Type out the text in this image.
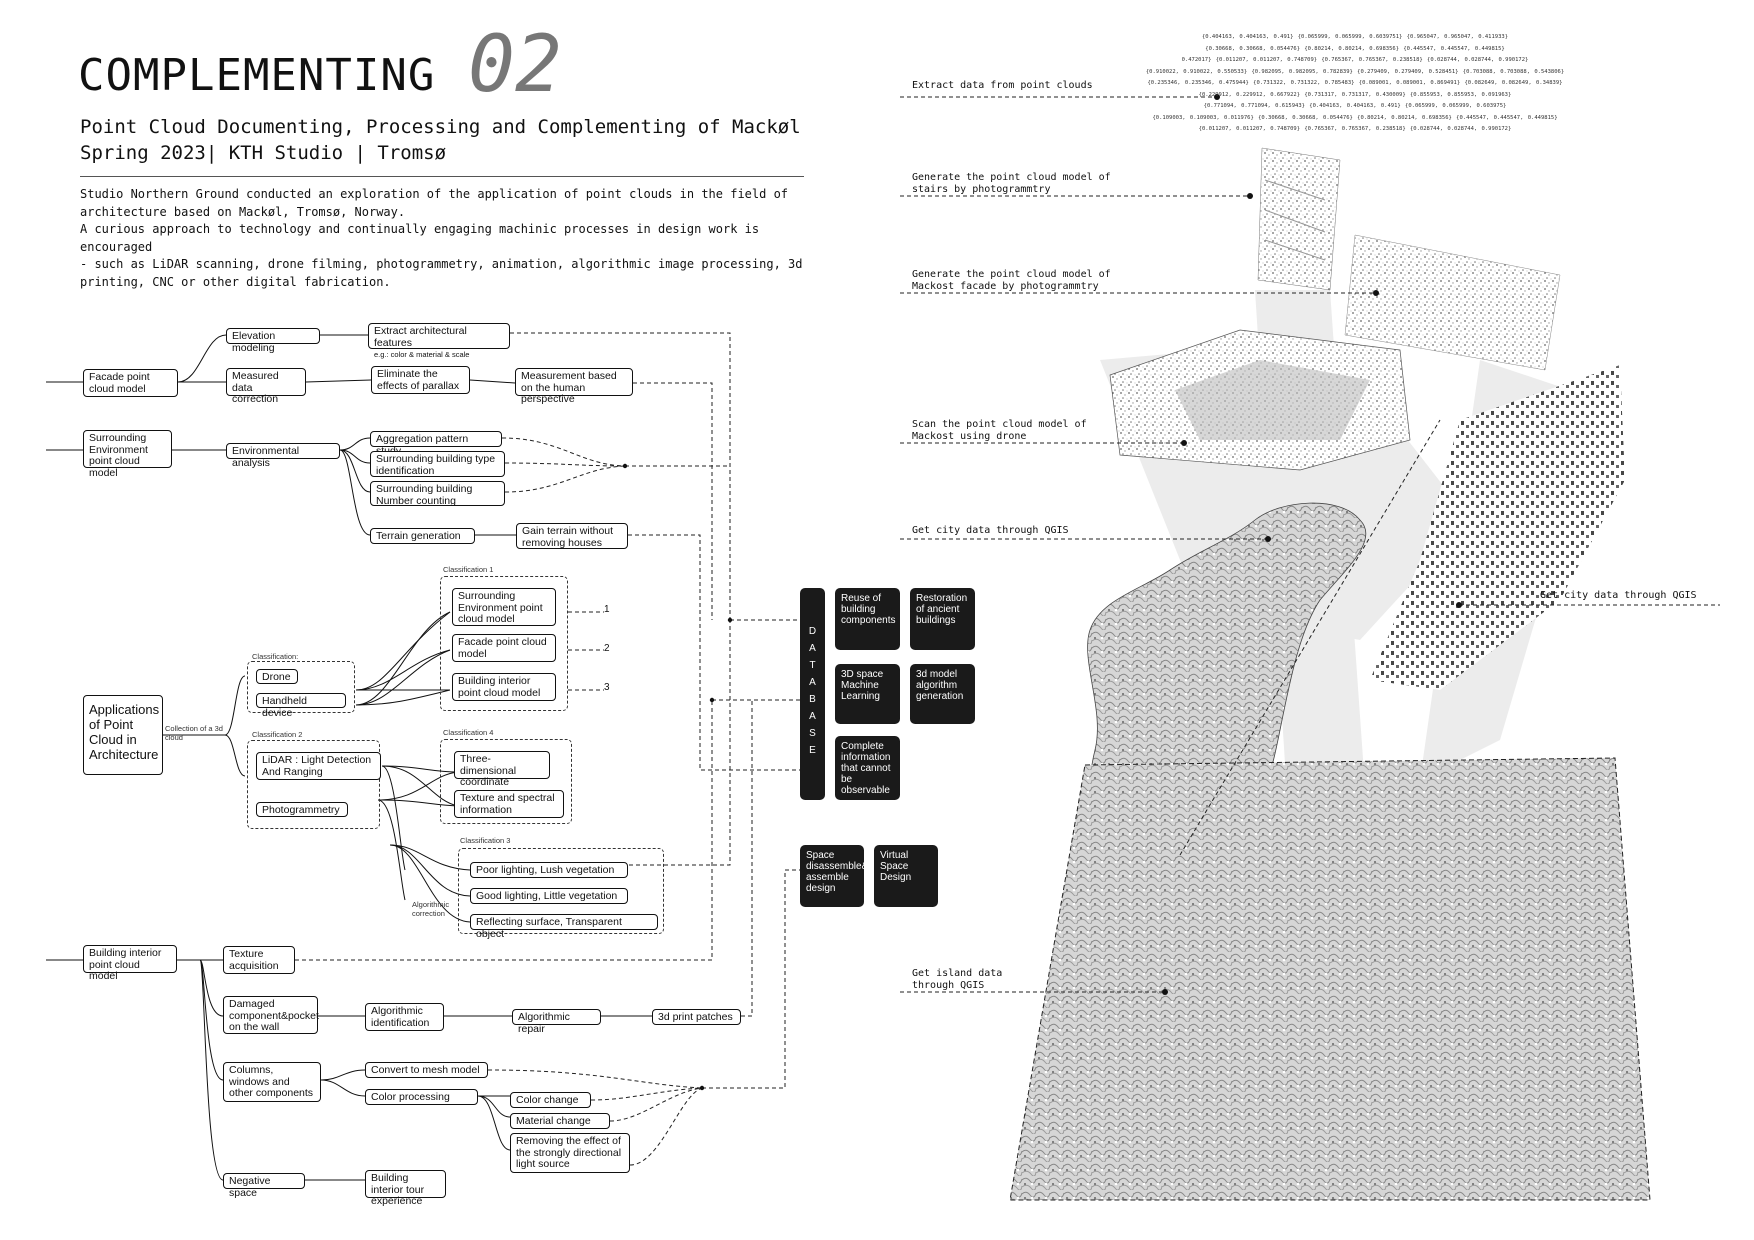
COMPLEMENTING 02
Point Cloud Documenting, Processing and Complementing of Mackøl
Spring 2023| KTH Studio | Tromsø
Studio Northern Ground conducted an exploration of the application of point clouds in the field of
architecture based on Mackøl, Tromsø, Norway.
A curious approach to technology and continually engaging machinic processes in design work is encouraged
- such as LiDAR scanning, drone filming, photogrammetry, animation, algorithmic image processing, 3d
printing, CNC or other digital fabrication.
Facade point cloud model
Elevation modeling
Extract architectural features
e.g.: color & material & scale
Measured data correction
Eliminate the effects of parallax
Measurement based on the human perspective
Surrounding Environment point cloud model
Environmental analysis
Aggregation pattern
Surrounding building type identification
Surrounding building Number counting
Terrain generation	Gain terrain without removing houses
Applications of Point Cloud in Architecture
Collection of a 3d cloud
Classification:
Drone
Handheld device
Classification 2
LiDAR : Light Detection And Ranging
Photogrammetry
Classification 1
Surrounding Environment point cloud model
Facade point cloud model
Building interior point cloud model
1
2
3
Classification 4
Three-dimensional coordinate
Texture and spectral information
Classification 3
Poor lighting, Lush vegetation
Good lighting, Little vegetation
Reflecting surface, Transparent object
Algorithmic correction
Building interior point cloud model
Texture acquisition
Damaged component&pocket on the wall
Algorithmic identification	Algorithmic repair
3d print patches
Columns, windows and other components
Convert to mesh model
Color processing	Color change
Material change
Removing the effect of the strongly directional light source
Negative space
Building interior tour experience
DATABASE
Reuse of building components
Restoration of ancient buildings
3D space Machine Learning
3d model algorithm generation
Complete information that cannot be observable
Space disassemble& assemble design
Virtual Space Design
{0.404163, 0.404163, 0.491} {0.065999, 0.065999, 0.6039751} {0.965047, 0.965047, 0.411933}
{0.30668, 0.30668, 0.054476} {0.80214, 0.80214, 0.698356} {0.445547, 0.445547, 0.449815}
0.472017} {0.011207, 0.011207, 0.748709} {0.765367, 0.765367, 0.238518} {0.028744, 0.028744, 0.990172}
{0.910022, 0.910022, 0.550533} {0.982095, 0.982095, 0.782839} {0.279409, 0.279409, 0.528451} {0.703088, 0.703088, 0.543806}
{0.235346, 0.235346, 0.475944} {0.731322, 0.731322, 0.785483} {0.089001, 0.089001, 0.869491} {0.082649, 0.082649, 0.34839}
{0.229912, 0.229912, 0.667922} {0.731317, 0.731317, 0.430009} {0.855953, 0.855953, 0.091963}
{0.771094, 0.771094, 0.615943} {0.404163, 0.404163, 0.491} {0.065999, 0.065999, 0.603975}
{0.109003, 0.109003, 0.011976} {0.30668, 0.30668, 0.054476} {0.80214, 0.80214, 0.698356} {0.445547, 0.445547, 0.449815}
{0.011207, 0.011207, 0.748709} {0.765367, 0.765367, 0.238518} {0.028744, 0.028744, 0.990172}
Extract data from point clouds
Generate the point cloud model of stairs by photogrammtry
Generate the point cloud model of Mackost facade by photogrammtry
Scan the point cloud model of Mackost using drone
Get city data through QGIS
Get city data through QGIS
Get island data through QGIS
